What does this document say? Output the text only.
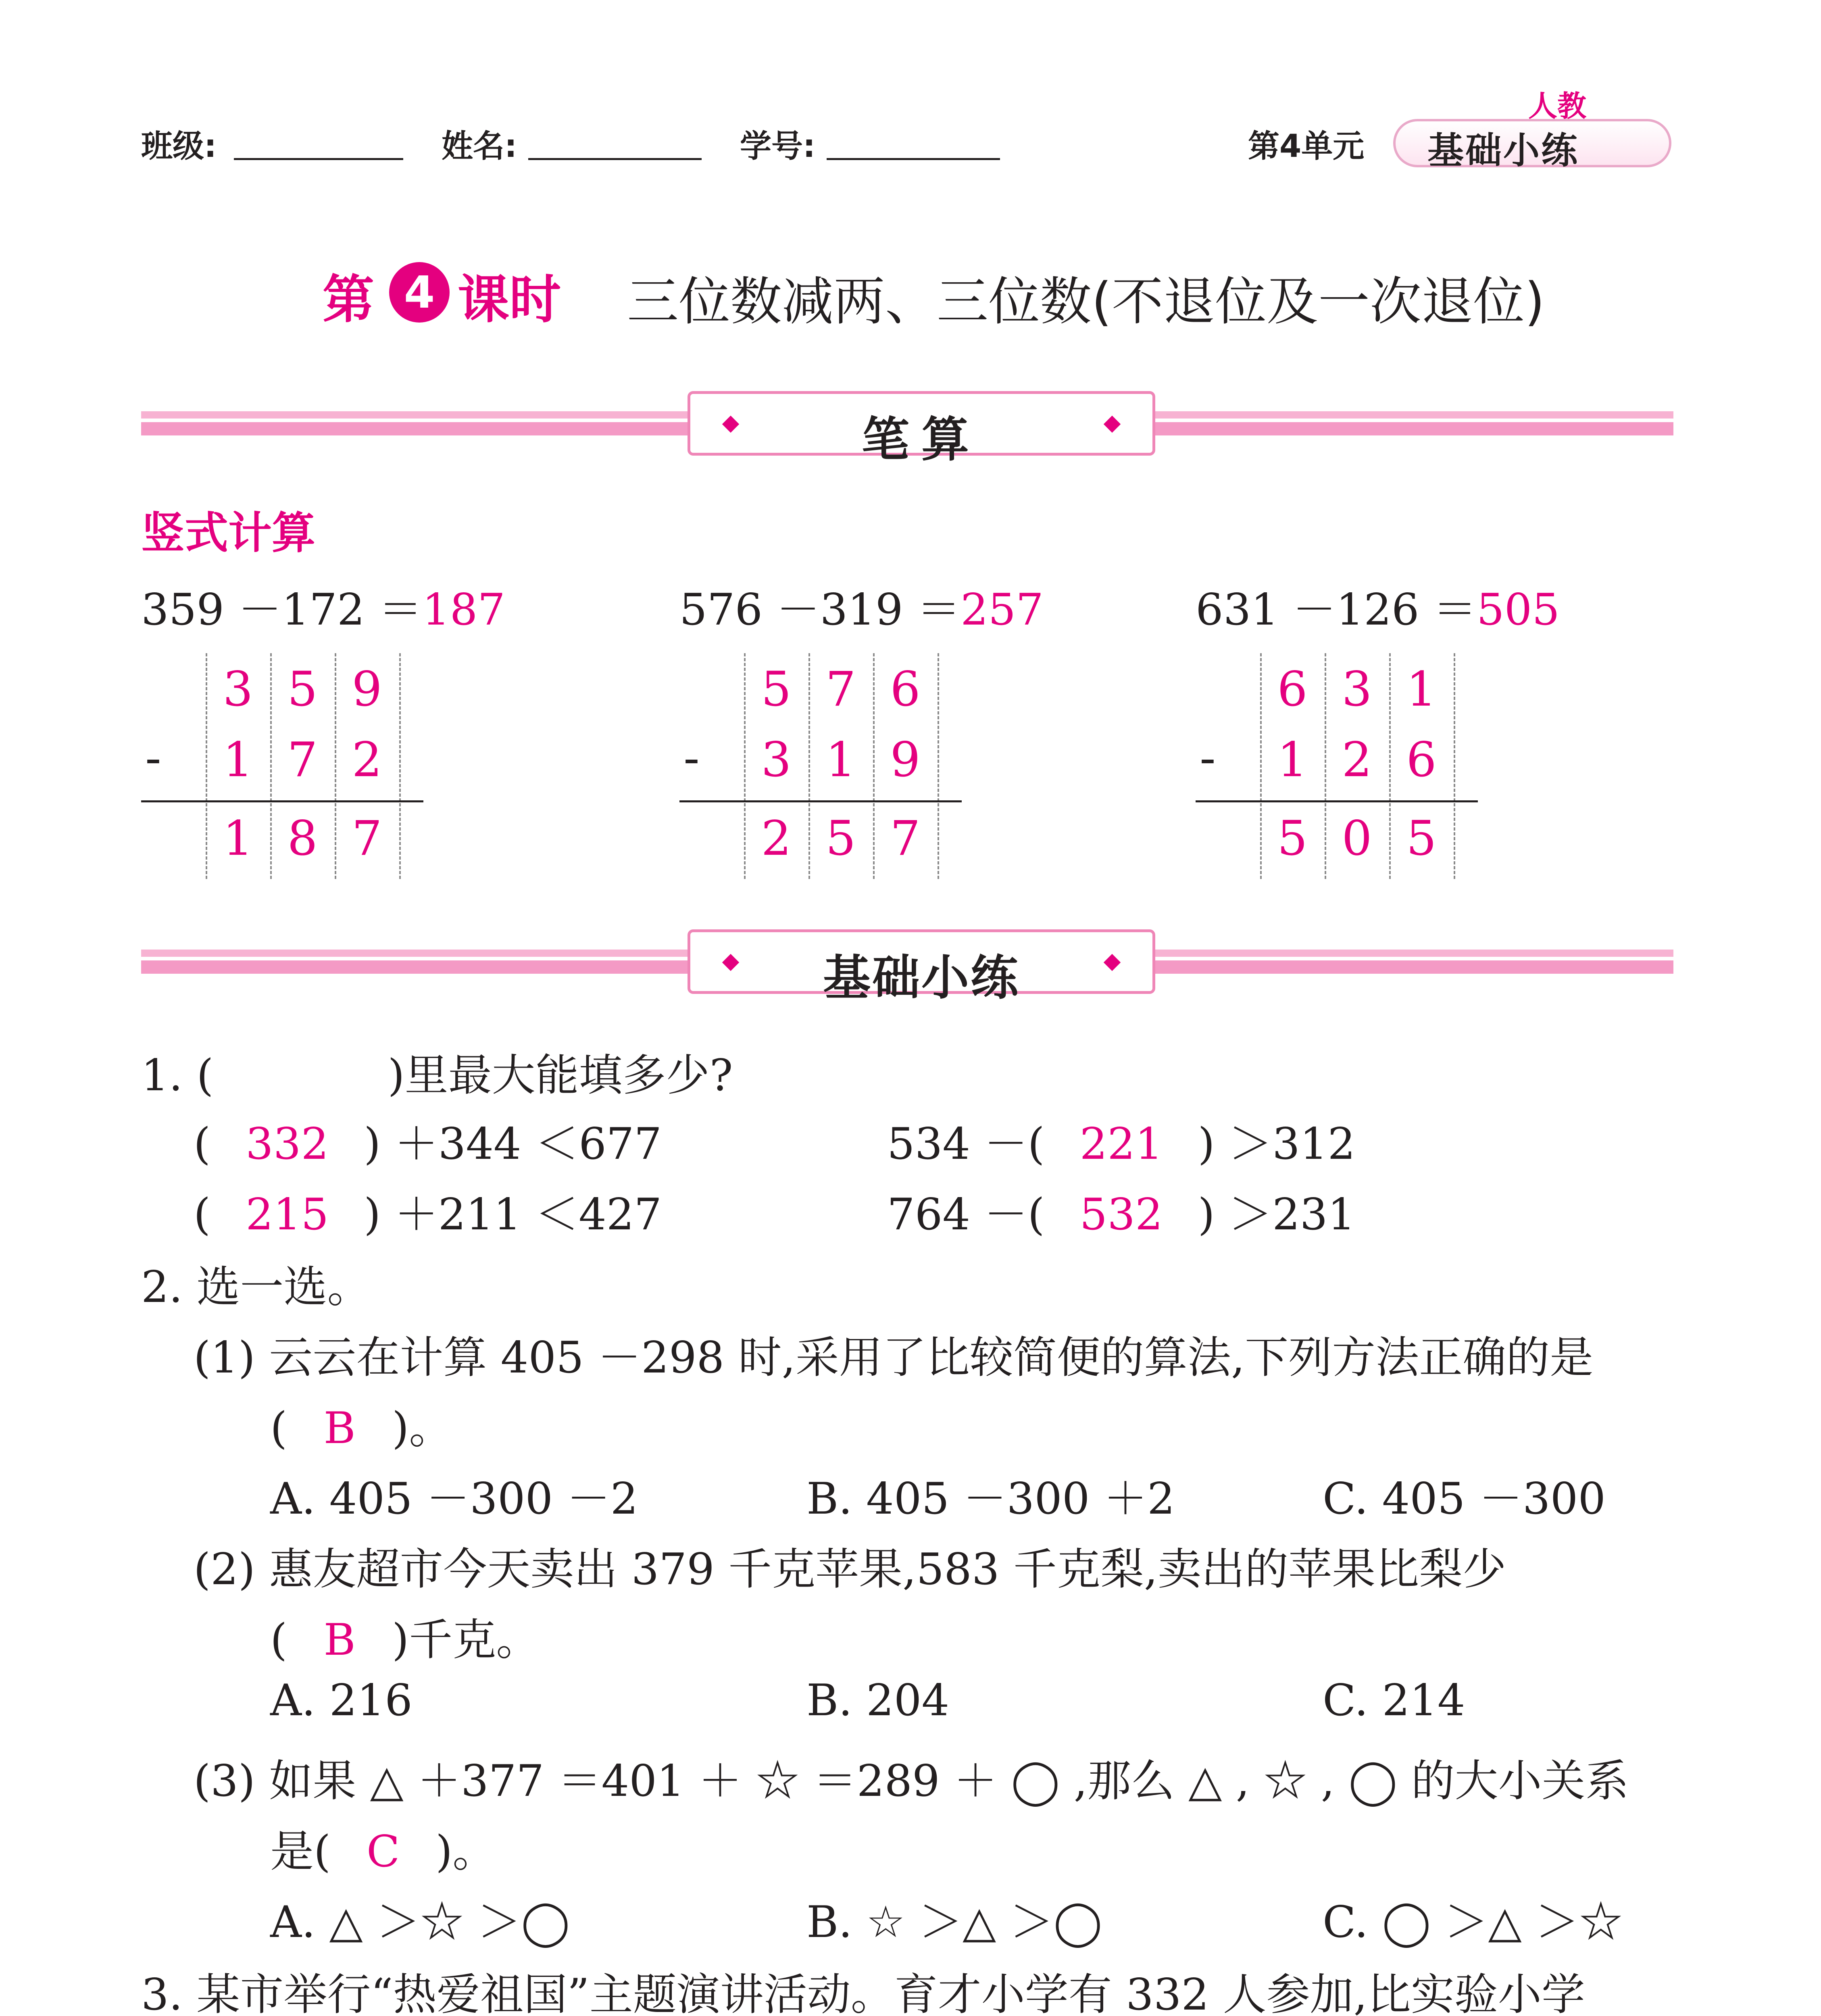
班级:	姓名:	学号:	第4单元
人教
基础小练
第 4 课时 三位数减两、三位数(不退位及一次退位)
笔算
竖式计算
359 －172 ＝187	576 －319 ＝257	631 －126 ＝505
-
3 5 9
1 7 2
1 8 7
-
5 7 6
3 1 9
2 5 7
-
6 3 1
1 2 6
5 0 5
基础小练
1. (　　　　)里最大能填多少?
( 332 ) ＋344 ＜677	534 －( 221 ) ＞312
( 215 ) ＋211 ＜427	764 －( 532 ) ＞231
2. 选一选。
(1) 云云在计算 405 －298 时,采用了比较简便的算法,下列方法正确的是
( B )。
A. 405 －300 －2	B. 405 －300 ＋2	C. 405 －300
(2) 惠友超市今天卖出 379 千克苹果,583 千克梨,卖出的苹果比梨少
( B )千克。
A. 216	B. 204	C. 214
(3) 如果 △ ＋377 ＝401 ＋ ☆ ＝289 ＋ ◯ ,那么 △ , ☆ , ◯ 的大小关系
是( C )。
A. △ ＞☆ ＞◯	B. ☆ ＞△ ＞◯	C. ◯ ＞△ ＞☆
3. 某市举行“热爱祖国”主题演讲活动。育才小学有 332 人参加,比实验小学
